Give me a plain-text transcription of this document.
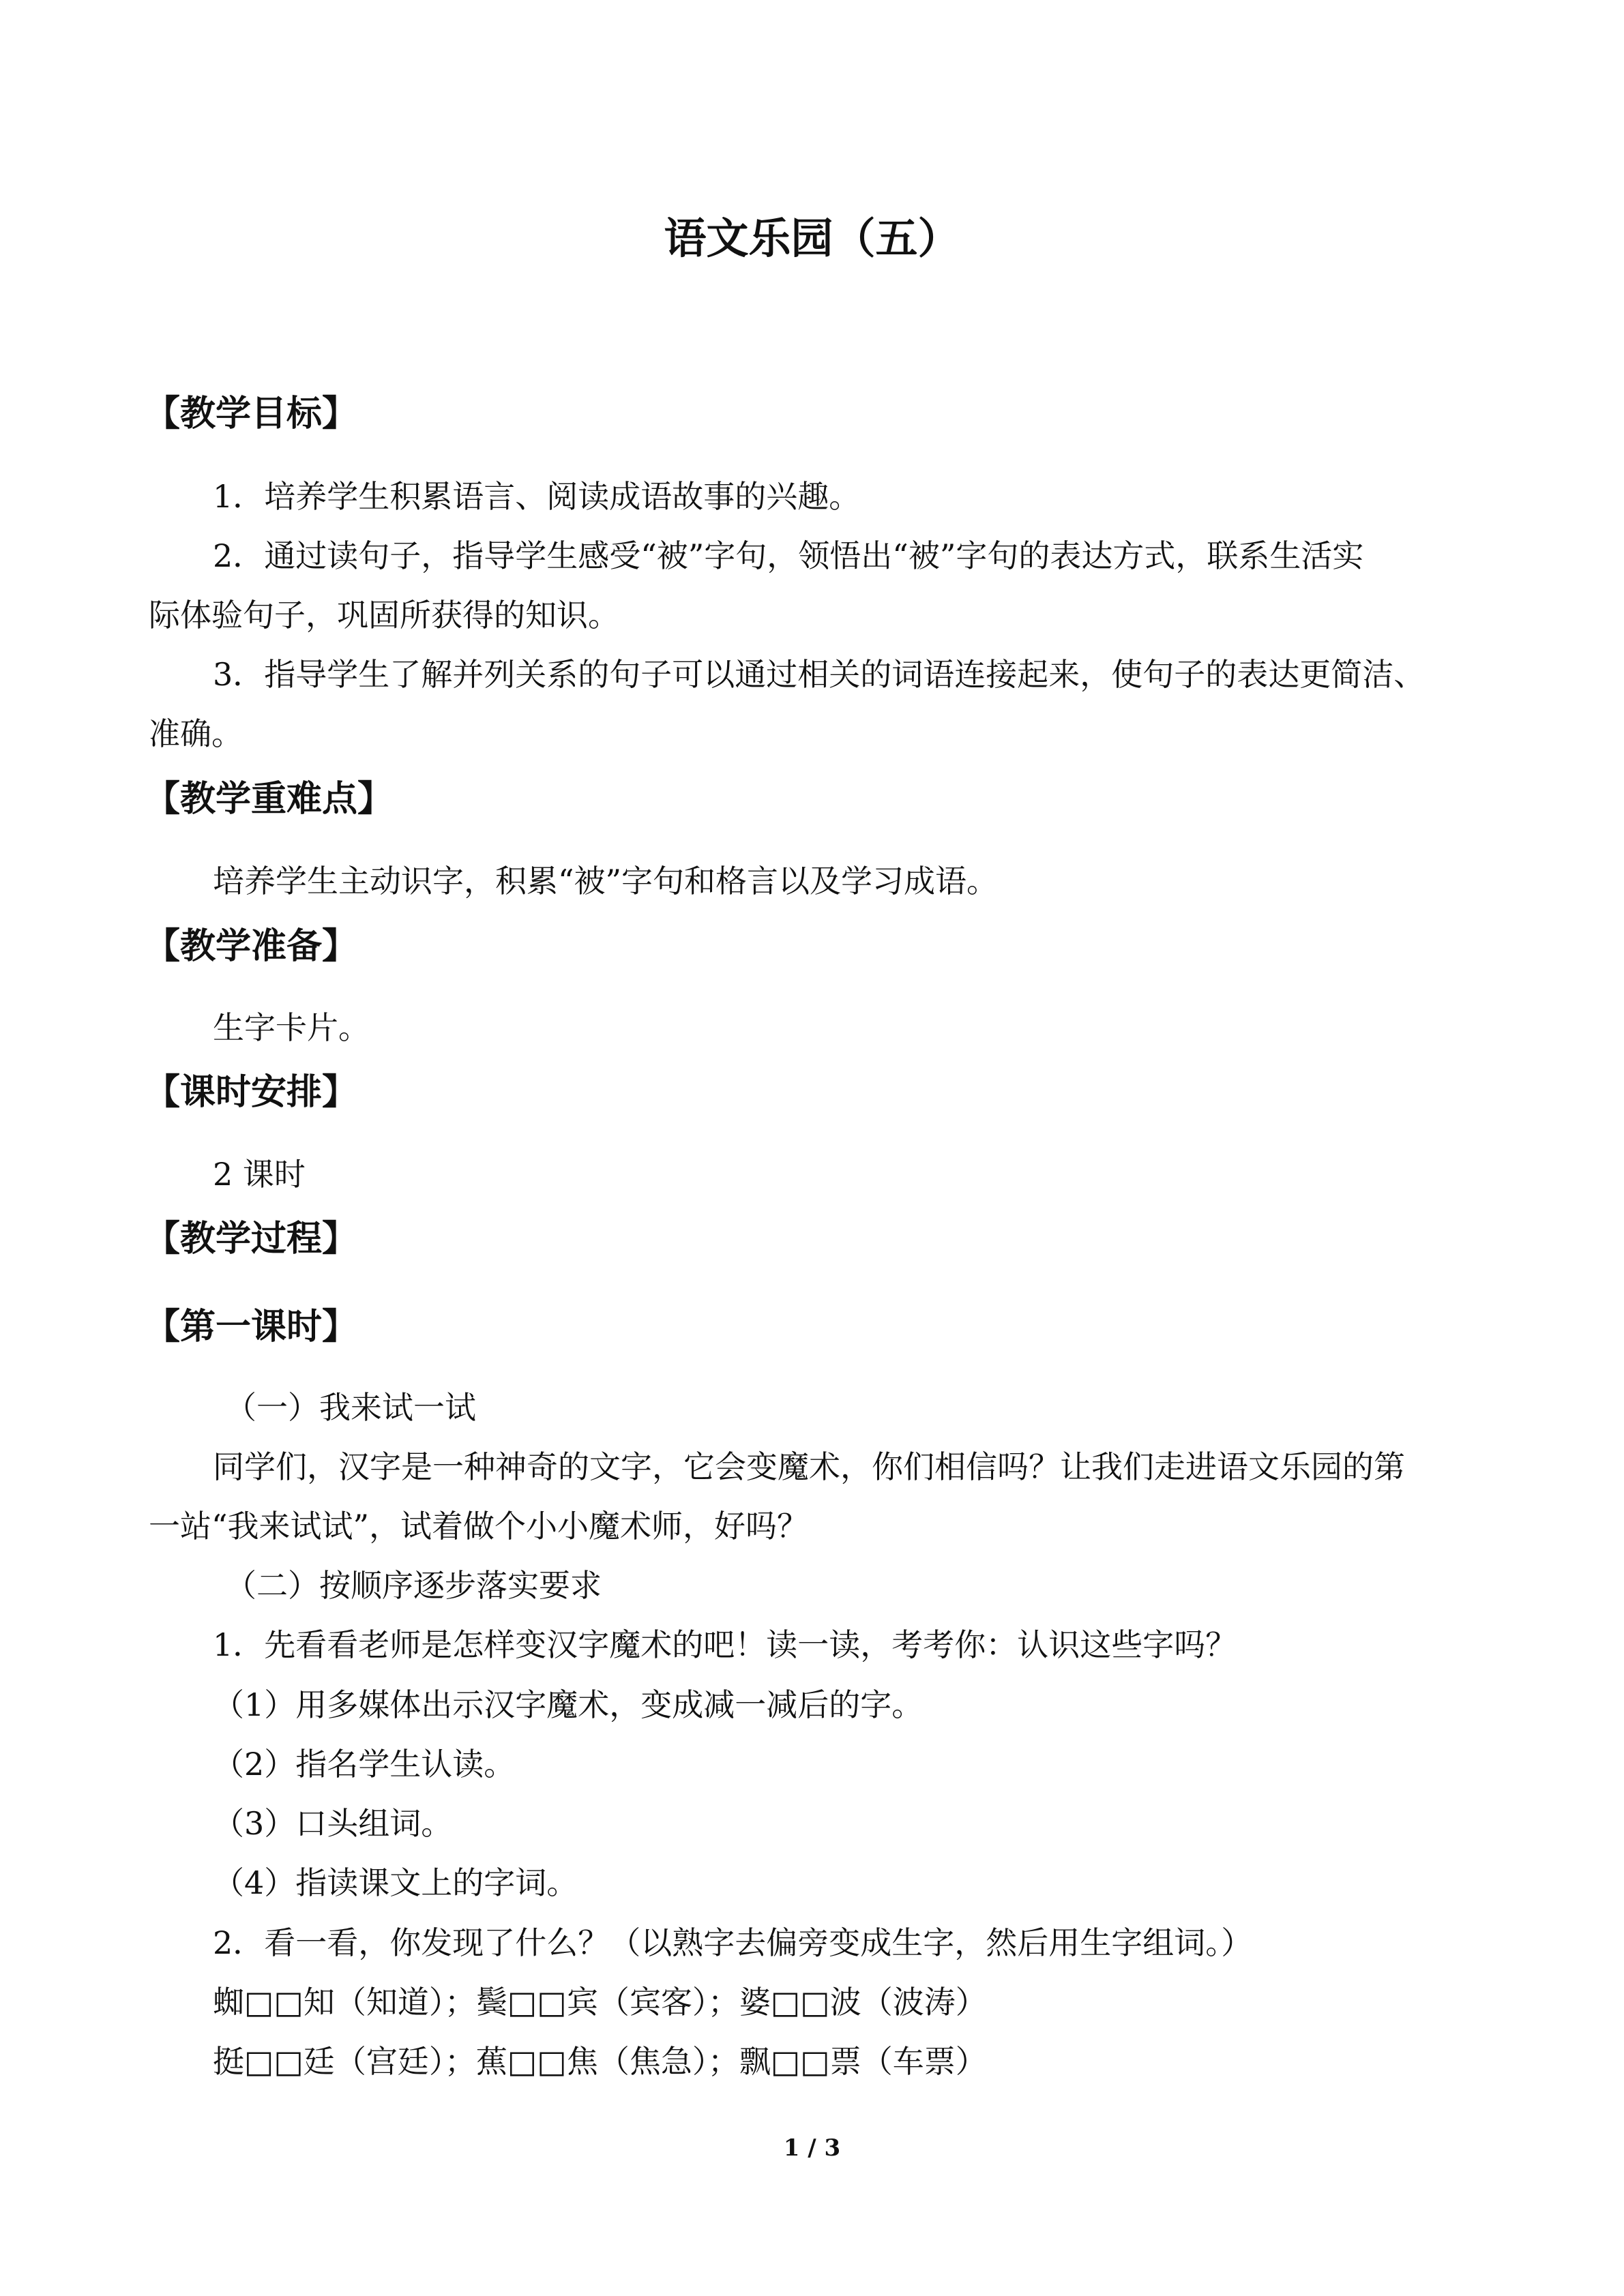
语文乐园（五）
【教学目标】
1．培养学生积累语言、阅读成语故事的兴趣。
2．通过读句子，指导学生感受“被”字句，领悟出“被”字句的表达方式，联系生活实
际体验句子，巩固所获得的知识。
3．指导学生了解并列关系的句子可以通过相关的词语连接起来，使句子的表达更简洁、
准确。
【教学重难点】
培养学生主动识字，积累“被”字句和格言以及学习成语。
【教学准备】
生字卡片。
【课时安排】
2 课时
【教学过程】
【第一课时】
（一）我来试一试
同学们，汉字是一种神奇的文字，它会变魔术，你们相信吗？让我们走进语文乐园的第
一站“我来试试”，试着做个小小魔术师，好吗？
（二）按顺序逐步落实要求
1．先看看老师是怎样变汉字魔术的吧！读一读，考考你：认识这些字吗？
（1）用多媒体出示汉字魔术，变成减一减后的字。
（2）指名学生认读。
（3）口头组词。
（4）指读课文上的字词。
2．看一看，你发现了什么？（以熟字去偏旁变成生字，然后用生字组词。）
蜘□□知（知道）；鬓□□宾（宾客）；婆□□波（波涛）
挺□□廷（宫廷）；蕉□□焦（焦急）；飘□□票（车票）
1 / 3
